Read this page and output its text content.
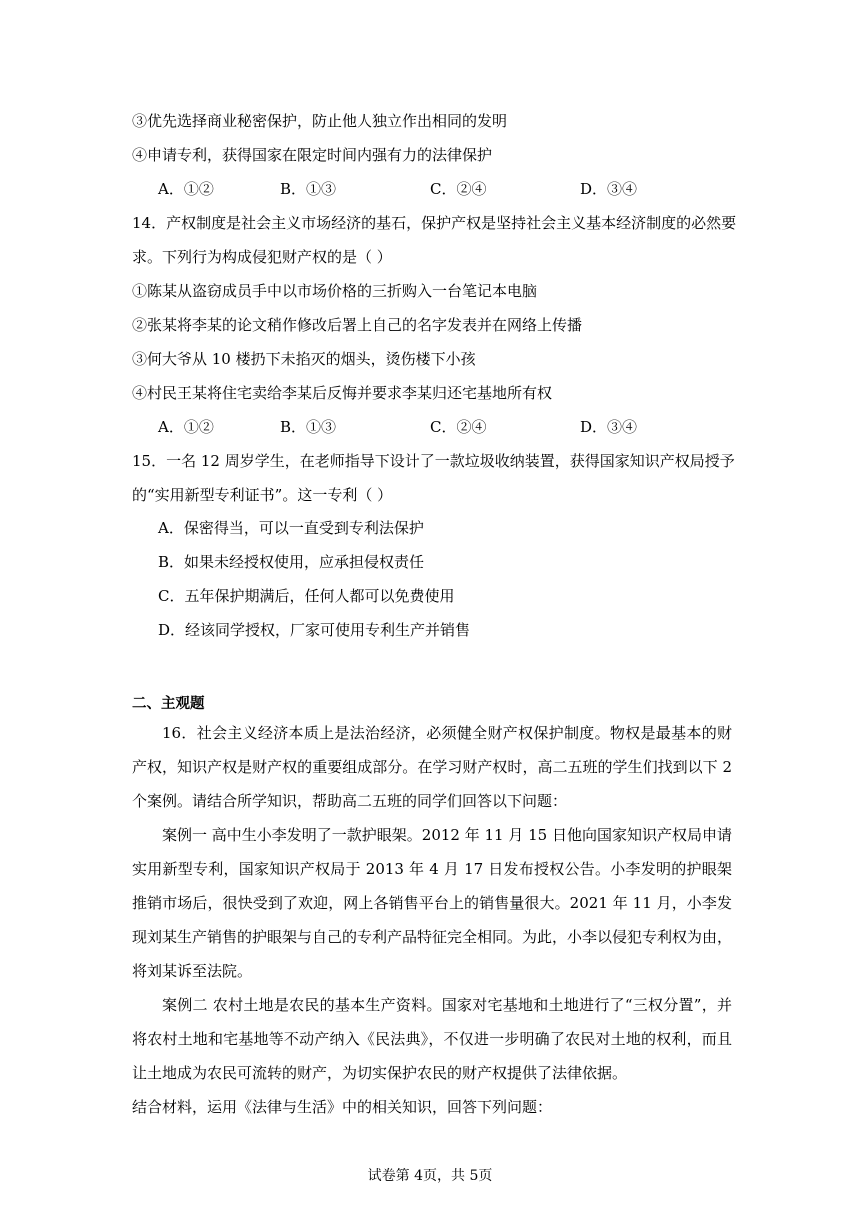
③优先选择商业秘密保护，防止他人独立作出相同的发明
④申请专利，获得国家在限定时间内强有力的法律保护
A．①②	B．①③	C．②④	D．③④
14．产权制度是社会主义市场经济的基石，保护产权是坚持社会主义基本经济制度的必然要
求。下列行为构成侵犯财产权的是（ ）
①陈某从盗窃成员手中以市场价格的三折购入一台笔记本电脑
②张某将李某的论文稍作修改后署上自己的名字发表并在网络上传播
③何大爷从 10 楼扔下未掐灭的烟头，烫伤楼下小孩
④村民王某将住宅卖给李某后反悔并要求李某归还宅基地所有权
A．①②	B．①③	C．②④	D．③④
15．一名 12 周岁学生，在老师指导下设计了一款垃圾收纳装置，获得国家知识产权局授予
的“实用新型专利证书”。这一专利（ ）
A．保密得当，可以一直受到专利法保护
B．如果未经授权使用，应承担侵权责任
C．五年保护期满后，任何人都可以免费使用
D．经该同学授权，厂家可使用专利生产并销售
二、主观题
16．社会主义经济本质上是法治经济，必须健全财产权保护制度。物权是最基本的财产权，知识产权是财产权的重要组成部分。在学习财产权时，高二五班的学生们找到以下 2 个案例。请结合所学知识，帮助高二五班的同学们回答以下问题：
案例一 高中生小李发明了一款护眼架。2012 年 11 月 15 日他向国家知识产权局申请实用新型专利，国家知识产权局于 2013 年 4 月 17 日发布授权公告。小李发明的护眼架推销市场后，很快受到了欢迎，网上各销售平台上的销售量很大。2021 年 11 月，小李发现刘某生产销售的护眼架与自己的专利产品特征完全相同。为此，小李以侵犯专利权为由，将刘某诉至法院。
案例二 农村土地是农民的基本生产资料。国家对宅基地和土地进行了“三权分置”，并将农村土地和宅基地等不动产纳入《民法典》，不仅进一步明确了农民对土地的权利，而且让土地成为农民可流转的财产，为切实保护农民的财产权提供了法律依据。
结合材料，运用《法律与生活》中的相关知识，回答下列问题：
试卷第 4页，共 5页
